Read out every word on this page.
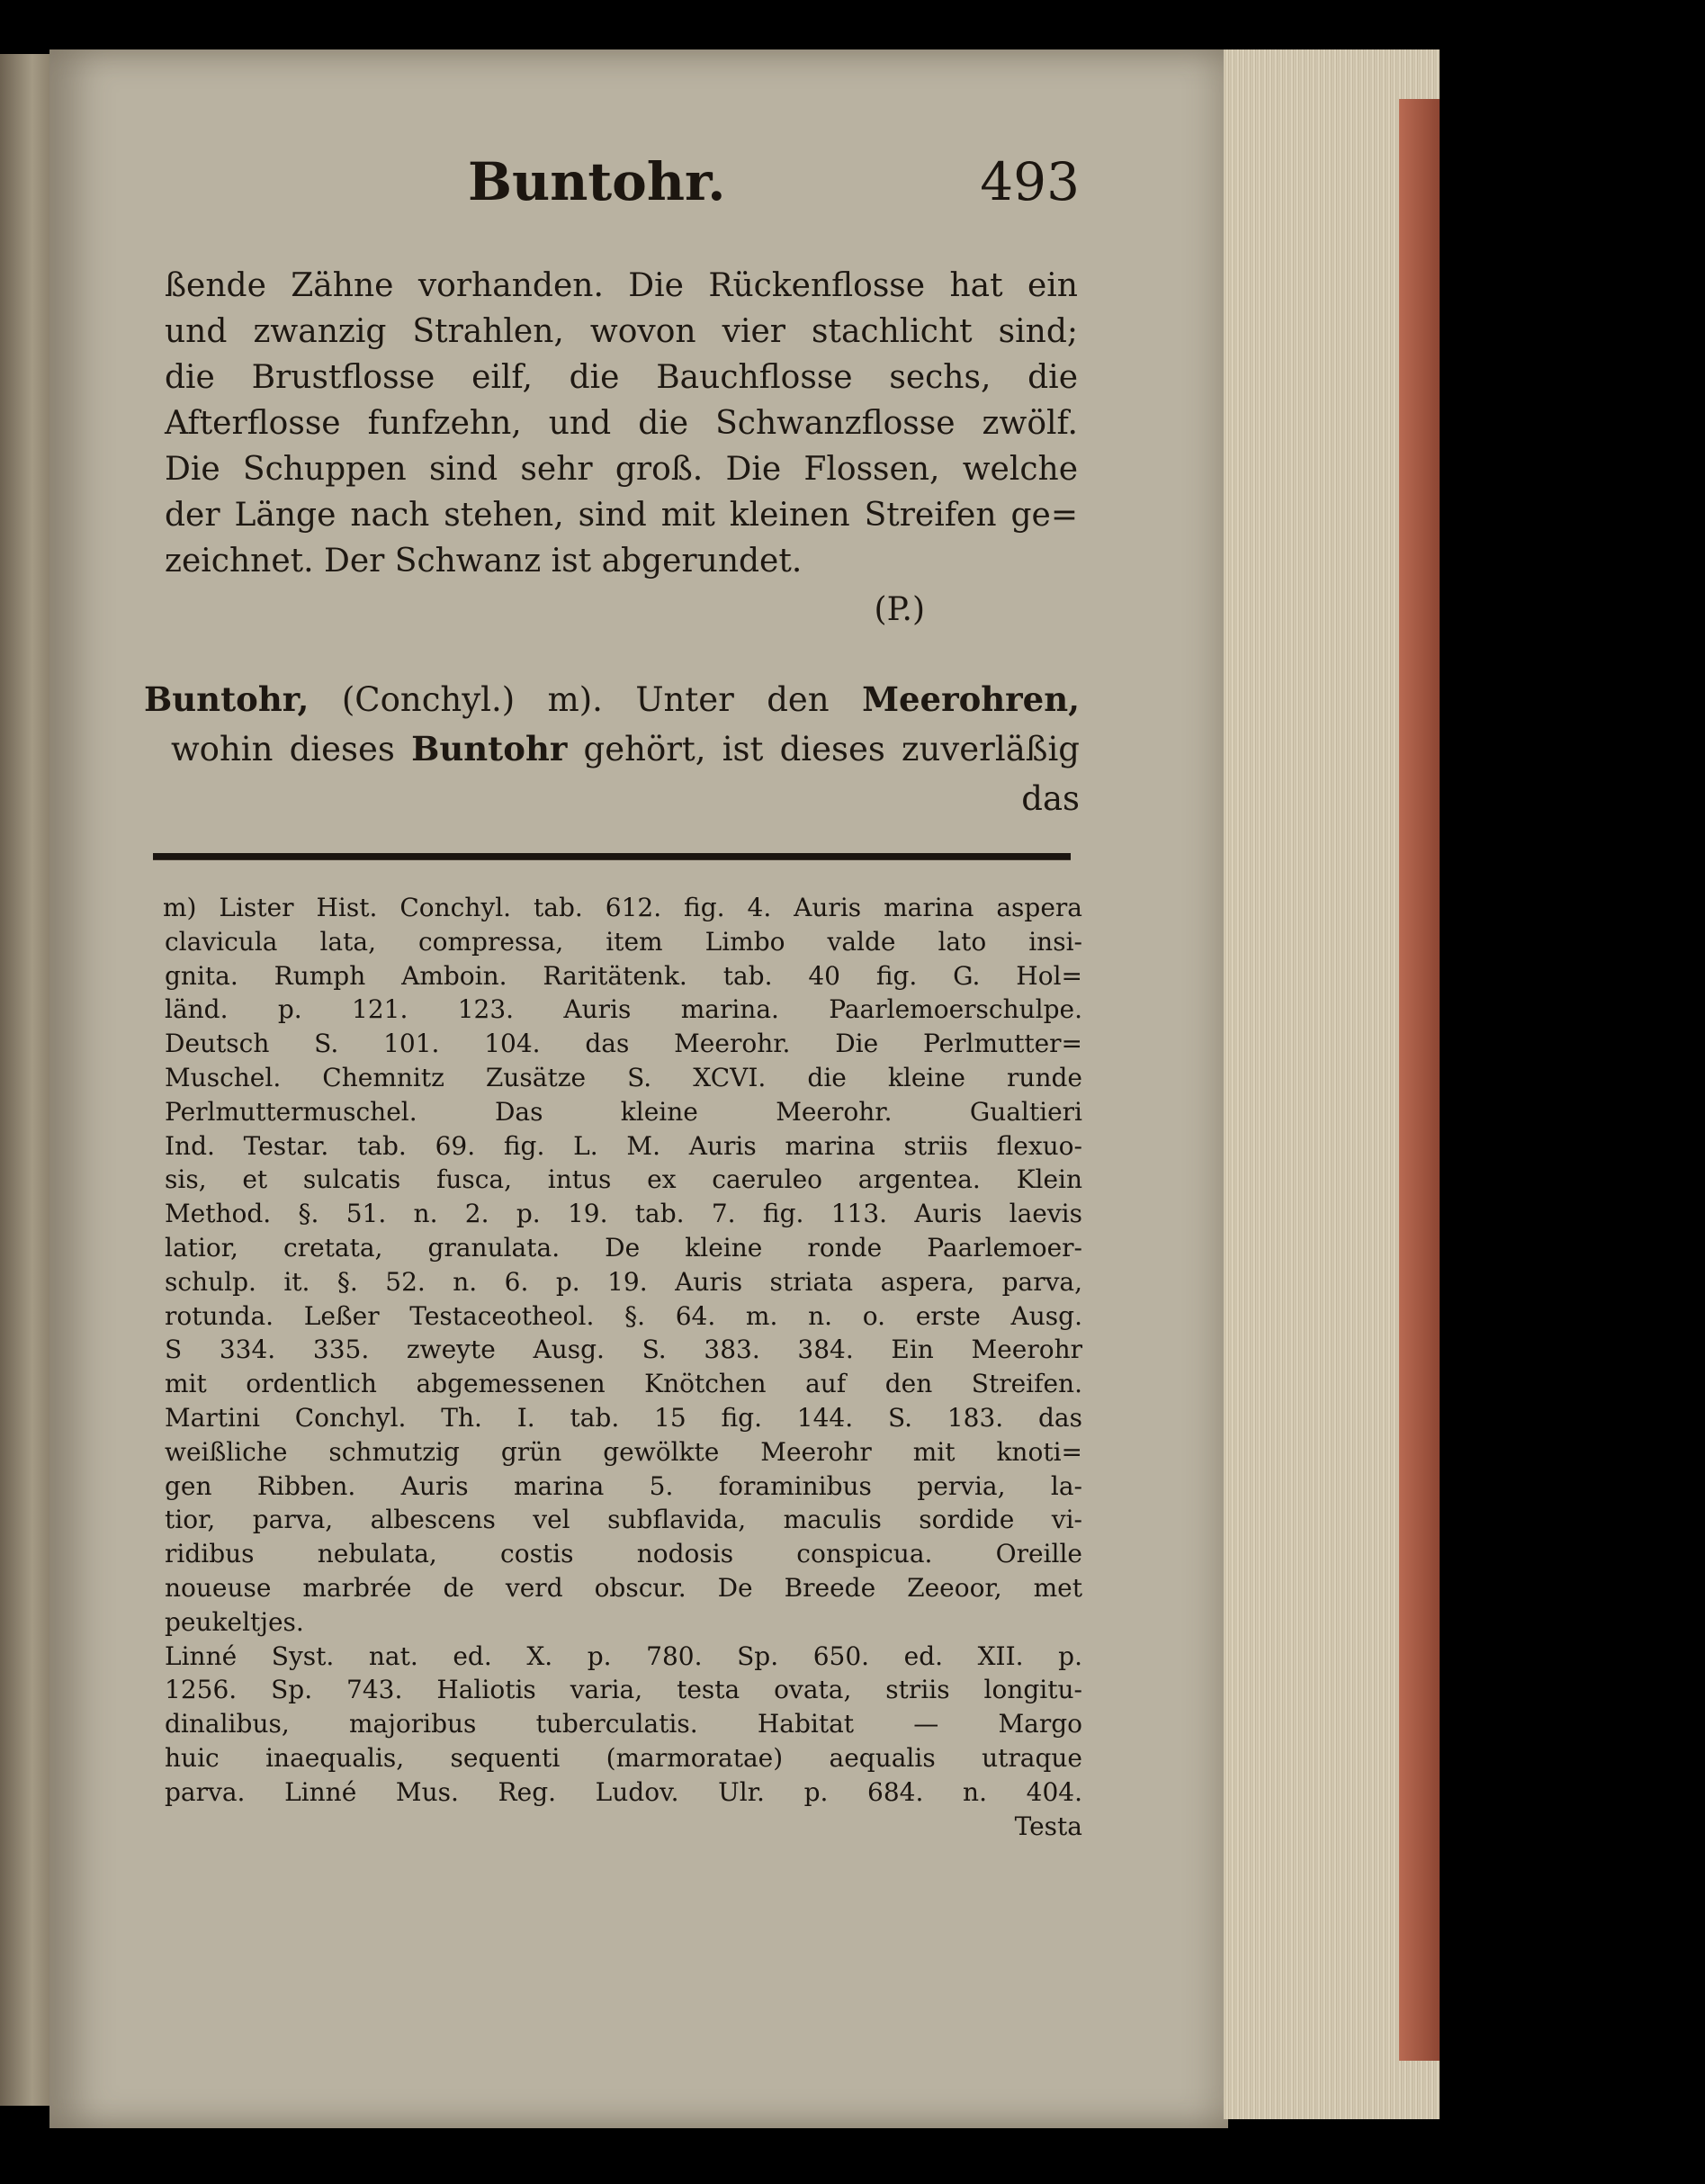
Buntohr.	493
ßende Zähne vorhanden. Die Rückenflosse hat ein
und zwanzig Strahlen, wovon vier stachlicht sind;
die Brustflosse eilf, die Bauchflosse sechs, die
Afterflosse funfzehn, und die Schwanzflosse zwölf.
Die Schuppen sind sehr groß. Die Flossen, welche
der Länge nach stehen, sind mit kleinen Streifen ge=
zeichnet. Der Schwanz ist abgerundet.
(P.)
Buntohr, (Conchyl.) m). Unter den Meerohren,
wohin dieses Buntohr gehört, ist dieses zuverläßig
das
m) Lister Hist. Conchyl. tab. 612. fig. 4. Auris marina aspera
clavicula lata, compressa, item Limbo valde lato insi-
gnita. Rumph Amboin. Raritätenk. tab. 40 fig. G. Hol=
länd. p. 121. 123. Auris marina. Paarlemoerschulpe.
Deutsch S. 101. 104. das Meerohr. Die Perlmutter=
Muschel. Chemnitz Zusätze S. XCVI. die kleine runde
Perlmuttermuschel. Das kleine Meerohr. Gualtieri
Ind. Testar. tab. 69. fig. L. M. Auris marina striis flexuo-
sis, et sulcatis fusca, intus ex caeruleo argentea. Klein
Method. §. 51. n. 2. p. 19. tab. 7. fig. 113. Auris laevis
latior, cretata, granulata. De kleine ronde Paarlemoer-
schulp. it. §. 52. n. 6. p. 19. Auris striata aspera, parva,
rotunda. Leßer Testaceotheol. §. 64. m. n. o. erste Ausg.
S 334. 335. zweyte Ausg. S. 383. 384. Ein Meerohr
mit ordentlich abgemessenen Knötchen auf den Streifen.
Martini Conchyl. Th. I. tab. 15 fig. 144. S. 183. das
weißliche schmutzig grün gewölkte Meerohr mit knoti=
gen Ribben. Auris marina 5. foraminibus pervia, la-
tior, parva, albescens vel subflavida, maculis sordide vi-
ridibus nebulata, costis nodosis conspicua. Oreille
noueuse marbrée de verd obscur. De Breede Zeeoor, met
peukeltjes.
Linné Syst. nat. ed. X. p. 780. Sp. 650. ed. XII. p.
1256. Sp. 743. Haliotis varia, testa ovata, striis longitu-
dinalibus, majoribus tuberculatis. Habitat — Margo
huic inaequalis, sequenti (marmoratae) aequalis utraque
parva. Linné Mus. Reg. Ludov. Ulr. p. 684. n. 404.
Testa
